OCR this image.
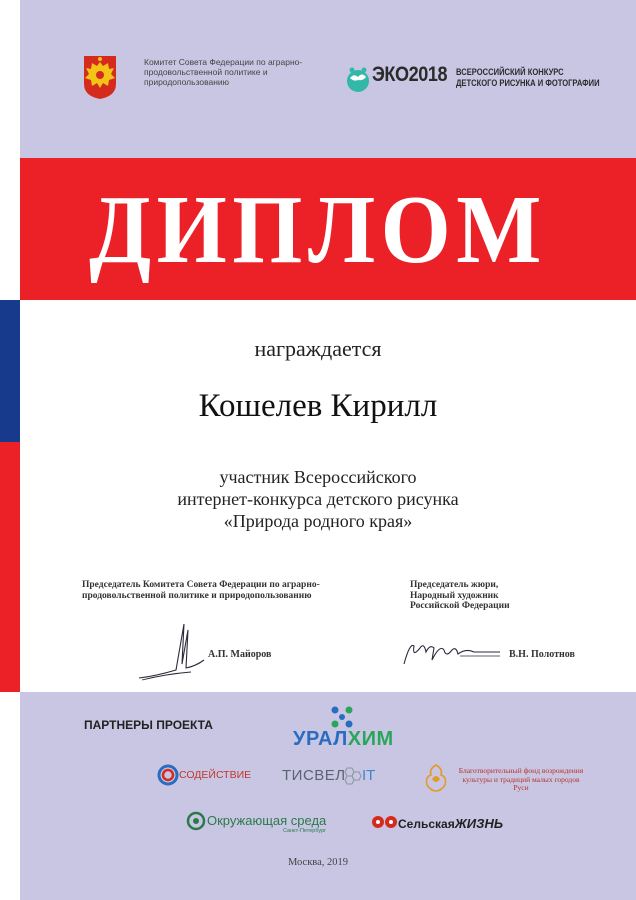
Комитет Совета Федерации по аграрно-продовольственной политике и природопользованию	ЭКО2018 ВСЕРОССИЙСКИЙ КОНКУРС
ДЕТСКОГО РИСУНКА И ФОТОГРАФИИ
ДИПЛОМ
награждается
Кошелев Кирилл
участник Всероссийского
интернет-конкурса детского рисунка
«Природа родного края»
Председатель Комитета Совета Федерации по аграрно-продовольственной политике и природопользованию
Председатель жюри,
Народный художник
Российской Федерации
А.П. Майоров	В.Н. Полотнов
ПАРТНЕРЫ ПРОЕКТА
УРАЛХИМ
СОДЕЙСТВИЕ ТИСВЕЛ IT	Благотворительный фонд возрождения культуры и традиций малых городов Руси
Окружающая среда
Санкт-Петербург	СельскаяЖИЗНЬ
Москва, 2019
